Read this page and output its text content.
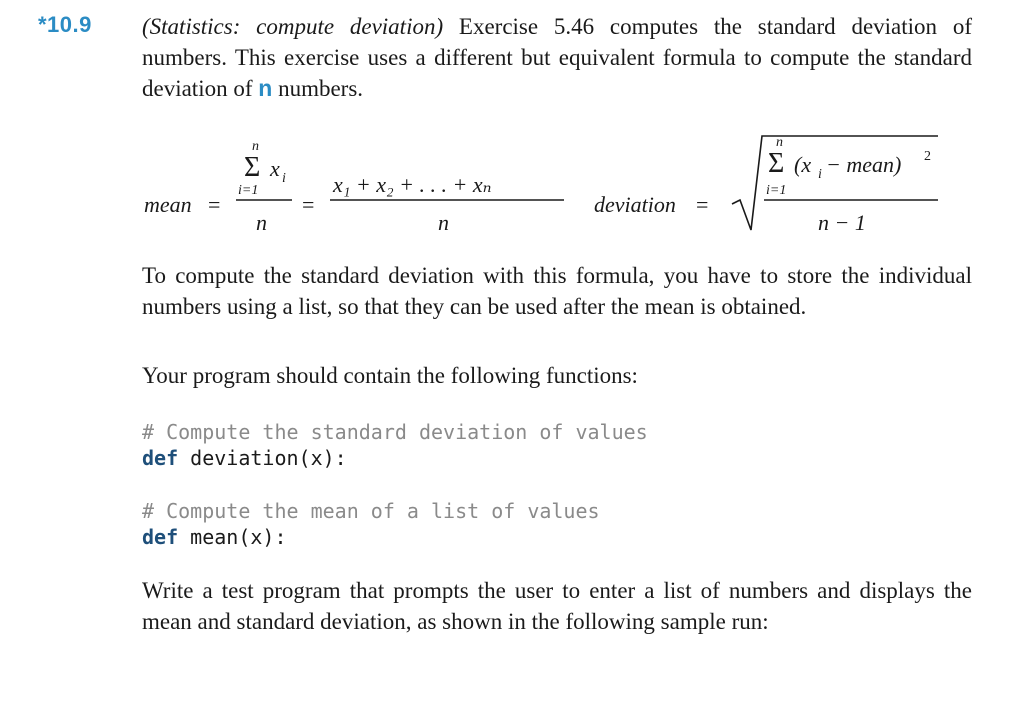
*10.9 (Statistics: compute deviation) Exercise 5.46 computes the standard deviation of numbers. This exercise uses a different but equivalent formula to compute the standard deviation of n numbers.
mean =
n
Σ x i
i=1
n
=
x₁ + x₂ + . . . + xₙ
n
deviation =
n
Σ
i=1
(x i − mean) 2
n − 1
To compute the standard deviation with this formula, you have to store the individual numbers using a list, so that they can be used after the mean is obtained.
Your program should contain the following functions:
# Compute the standard deviation of values
def deviation(x):
# Compute the mean of a list of values
def mean(x):
Write a test program that prompts the user to enter a list of numbers and displays the mean and standard deviation, as shown in the following sample run:
